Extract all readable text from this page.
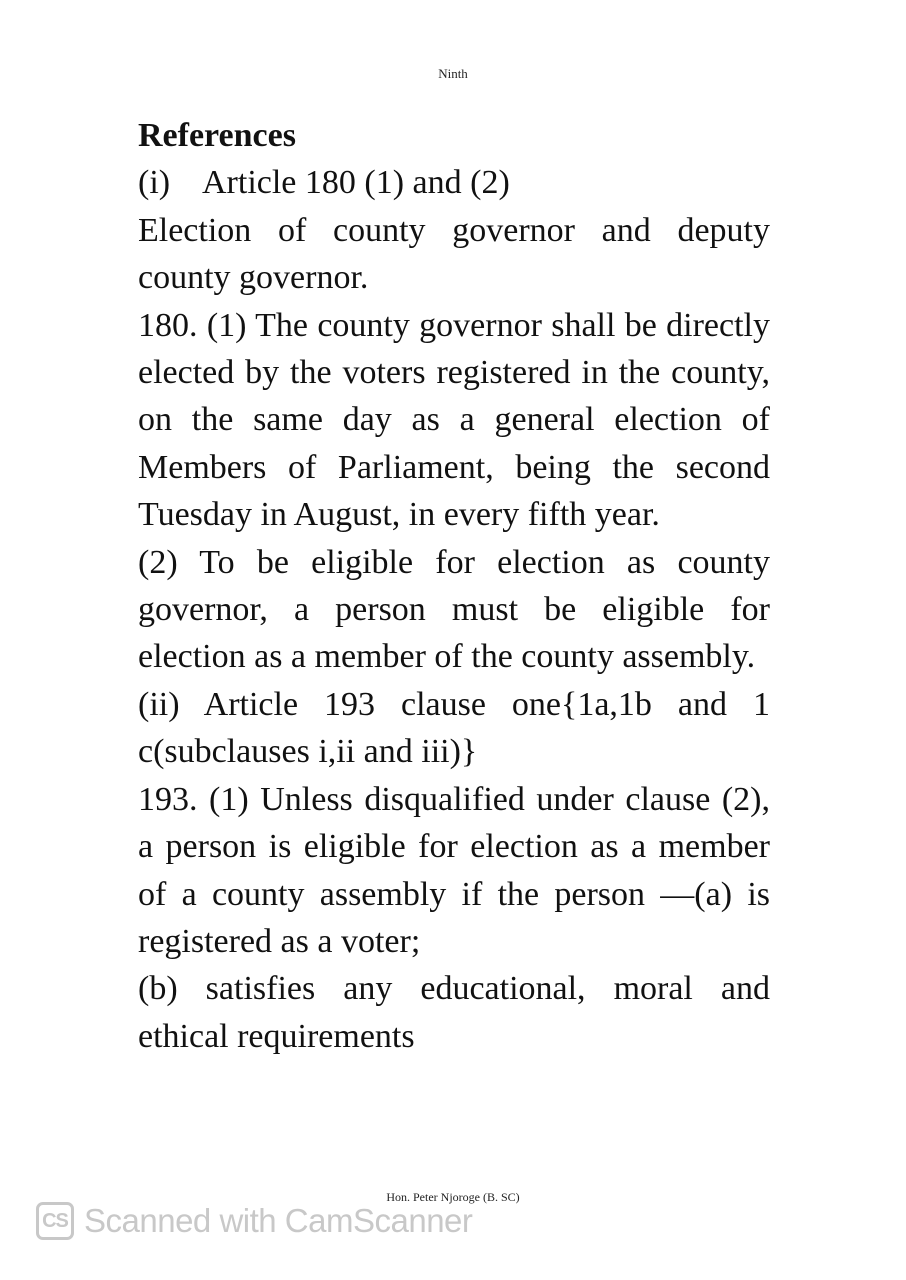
Ninth

References

(i) Article 180 (1) and (2)

Election of county governor and deputy county governor.

180. (1) The county governor shall be directly elected by the voters registered in the county, on the same day as a general election of Members of Parliament, being the second Tuesday in August, in every fifth year.

(2) To be eligible for election as county governor, a person must be eligible for election as a member of the county assembly.

(ii) Article 193 clause one{1a,1b and 1 c(subclauses i,ii and iii)}

193. (1) Unless disqualified under clause (2), a person is eligible for election as a member of a county assembly if the person —(a) is registered as a voter;

(b) satisfies any educational, moral and ethical requirements

Hon. Peter Njoroge (B. SC)
CS Scanned with CamScanner
